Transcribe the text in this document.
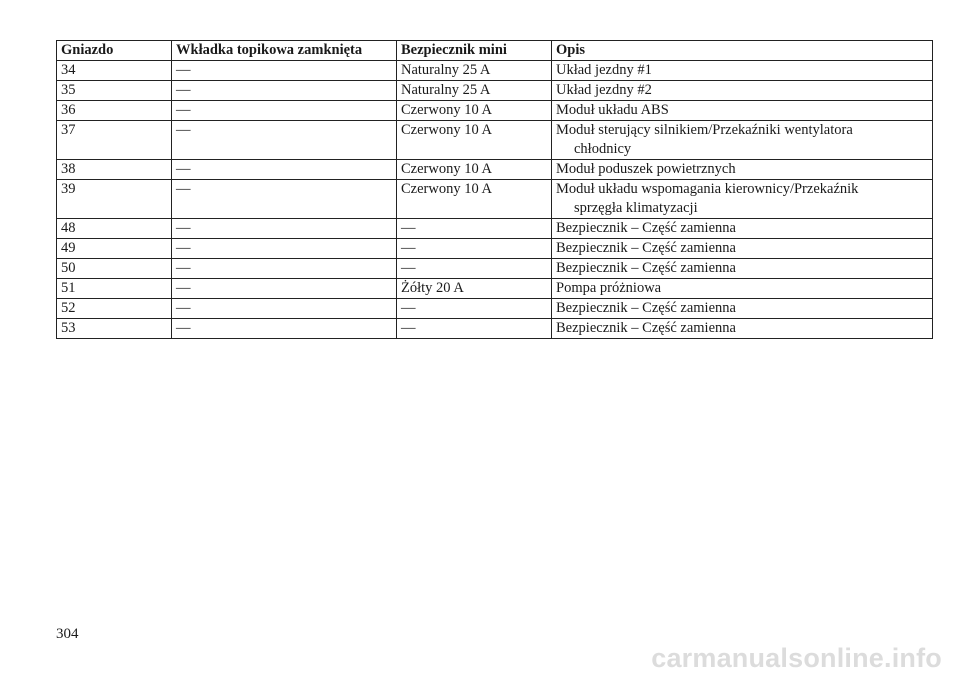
Gniazdo	Wkładka topikowa zamknięta	Bezpiecznik mini	Opis
34	—	Naturalny 25 A	Układ jezdny #1
35	—	Naturalny 25 A	Układ jezdny #2
36	—	Czerwony 10 A	Moduł układu ABS
37	—	Czerwony 10 A	Moduł sterujący silnikiem/Przekaźniki wentylatora
chłodnicy

38	—	Czerwony 10 A	Moduł poduszek powietrznych
39	—	Czerwony 10 A	Moduł układu wspomagania kierownicy/Przekaźnik
sprzęgła klimatyzacji

48	—	—	Bezpiecznik – Część zamienna
49	—	—	Bezpiecznik – Część zamienna
50	—	—	Bezpiecznik – Część zamienna
51	—	Żółty 20 A	Pompa próżniowa
52	—	—	Bezpiecznik – Część zamienna
53	—	—	Bezpiecznik – Część zamienna
304
carmanualsonline.info
